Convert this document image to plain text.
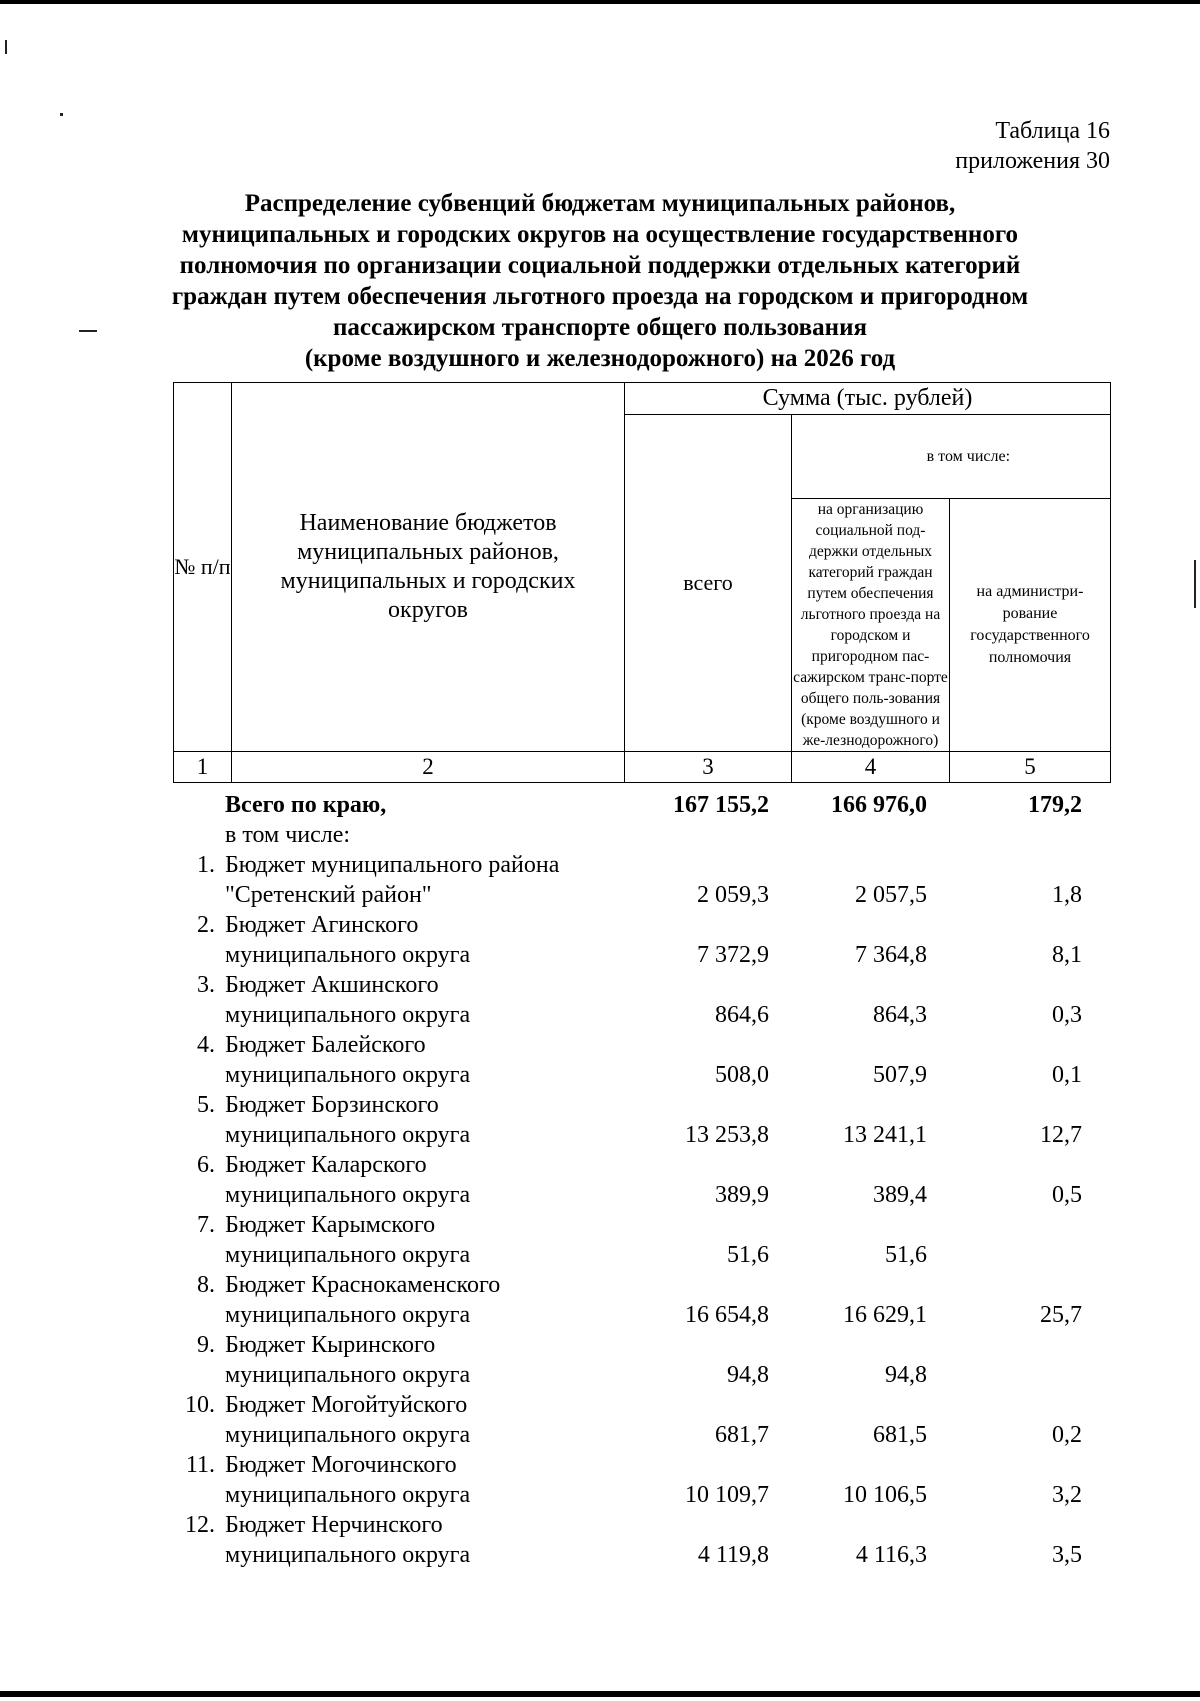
Таблица 16
приложения 30
Распределение субвенций бюджетам муниципальных районов,
муниципальных и городских округов на осуществление государственного
полномочия по организации социальной поддержки отдельных категорий
граждан путем обеспечения льготного проезда на городском и пригородном
пассажирском транспорте общего пользования
(кроме воздушного и железнодорожного) на 2026 год
№ п/п	Наименование бюджетов муниципальных районов, муниципальных и городских округов	Сумма (тыс. рублей)		
		всего	в том числе:	
			на организацию социальной под-держки отдельных категорий граждан путем обеспечения льготного проезда на городском и пригородном пас-сажирском транс-порте общего поль-зования (кроме воздушного и же-лезнодорожного)	на администри-рование государственного полномочия
1	2	3	4	5
Всего по краю,	167 155,2	166 976,0	179,2
в том числе:
1. Бюджет муниципального района
"Сретенский район"	2 059,3	2 057,5	1,8
2. Бюджет Агинского
муниципального округа	7 372,9	7 364,8	8,1
3. Бюджет Акшинского
муниципального округа	864,6	864,3	0,3
4. Бюджет Балейского
муниципального округа	508,0	507,9	0,1
5. Бюджет Борзинского
муниципального округа	13 253,8	13 241,1	12,7
6. Бюджет Каларского
муниципального округа	389,9	389,4	0,5
7. Бюджет Карымского
муниципального округа	51,6	51,6
8. Бюджет Краснокаменского
муниципального округа	16 654,8	16 629,1	25,7
9. Бюджет Кыринского
муниципального округа	94,8	94,8
10. Бюджет Могойтуйского
муниципального округа	681,7	681,5	0,2
11. Бюджет Могочинского
муниципального округа	10 109,7	10 106,5	3,2
12. Бюджет Нерчинского
муниципального округа	4 119,8	4 116,3	3,5
